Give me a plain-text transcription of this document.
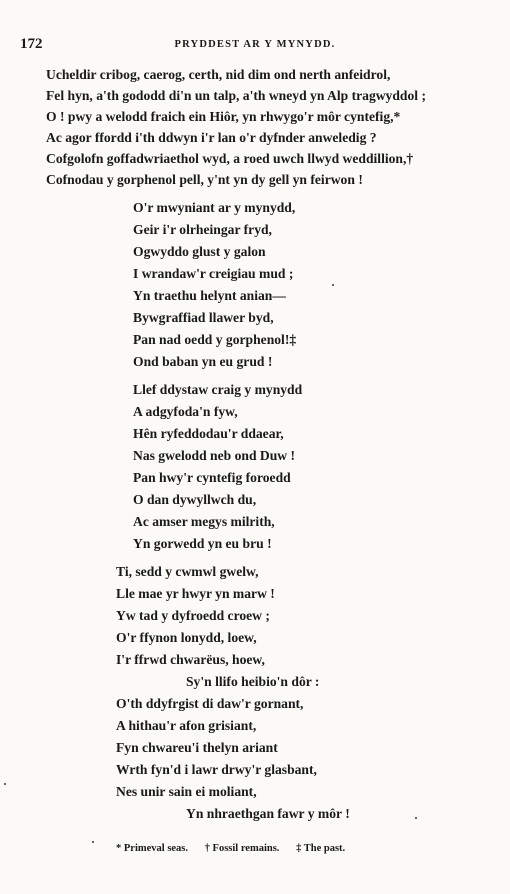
172	PRYDDEST AR Y MYNYDD.
Ucheldir cribog, caerog, certh, nid dim ond nerth anfeidrol,
Fel hyn, a'th gododd di'n un talp, a'th wneyd yn Alp tragwyddol ;
O ! pwy a welodd fraich ein Hiôr, yn rhwygo'r môr cyntefig,*
Ac agor ffordd i'th ddwyn i'r lan o'r dyfnder anweledig ?
Cofgolofn goffadwriaethol wyd, a roed uwch llwyd weddillion,†
Cofnodau y gorphenol pell, y'nt yn dy gell yn feirwon !
O'r mwyniant ar y mynydd,
Geir i'r olrheingar fryd,
Ogwyddo glust y galon
I wrandaw'r creigiau mud ;
Yn traethu helynt anian—
Bywgraffiad llawer byd,
Pan nad oedd y gorphenol!‡
Ond baban yn eu grud !
Llef ddystaw craig y mynydd
A adgyfoda'n fyw,
Hên ryfeddodau'r ddaear,
Nas gwelodd neb ond Duw !
Pan hwy'r cyntefig foroedd
O dan dywyllwch du,
Ac amser megys milrith,
Yn gorwedd yn eu bru !
Ti, sedd y cwmwl gwelw,
Lle mae yr hwyr yn marw !
Yw tad y dyfroedd croew ;
O'r ffynon lonydd, loew,
I'r ffrwd chwarëus, hoew,
Sy'n llifo heibio'n dôr :
O'th ddyfrgist di daw'r gornant,
A hithau'r afon grisiant,
Fyn chwareu'i thelyn ariant
Wrth fyn'd i lawr drwy'r glasbant,
Nes unir sain ei moliant,
Yn nhraethgan fawr y môr !
* Primeval seas. † Fossil remains. ‡ The past.
